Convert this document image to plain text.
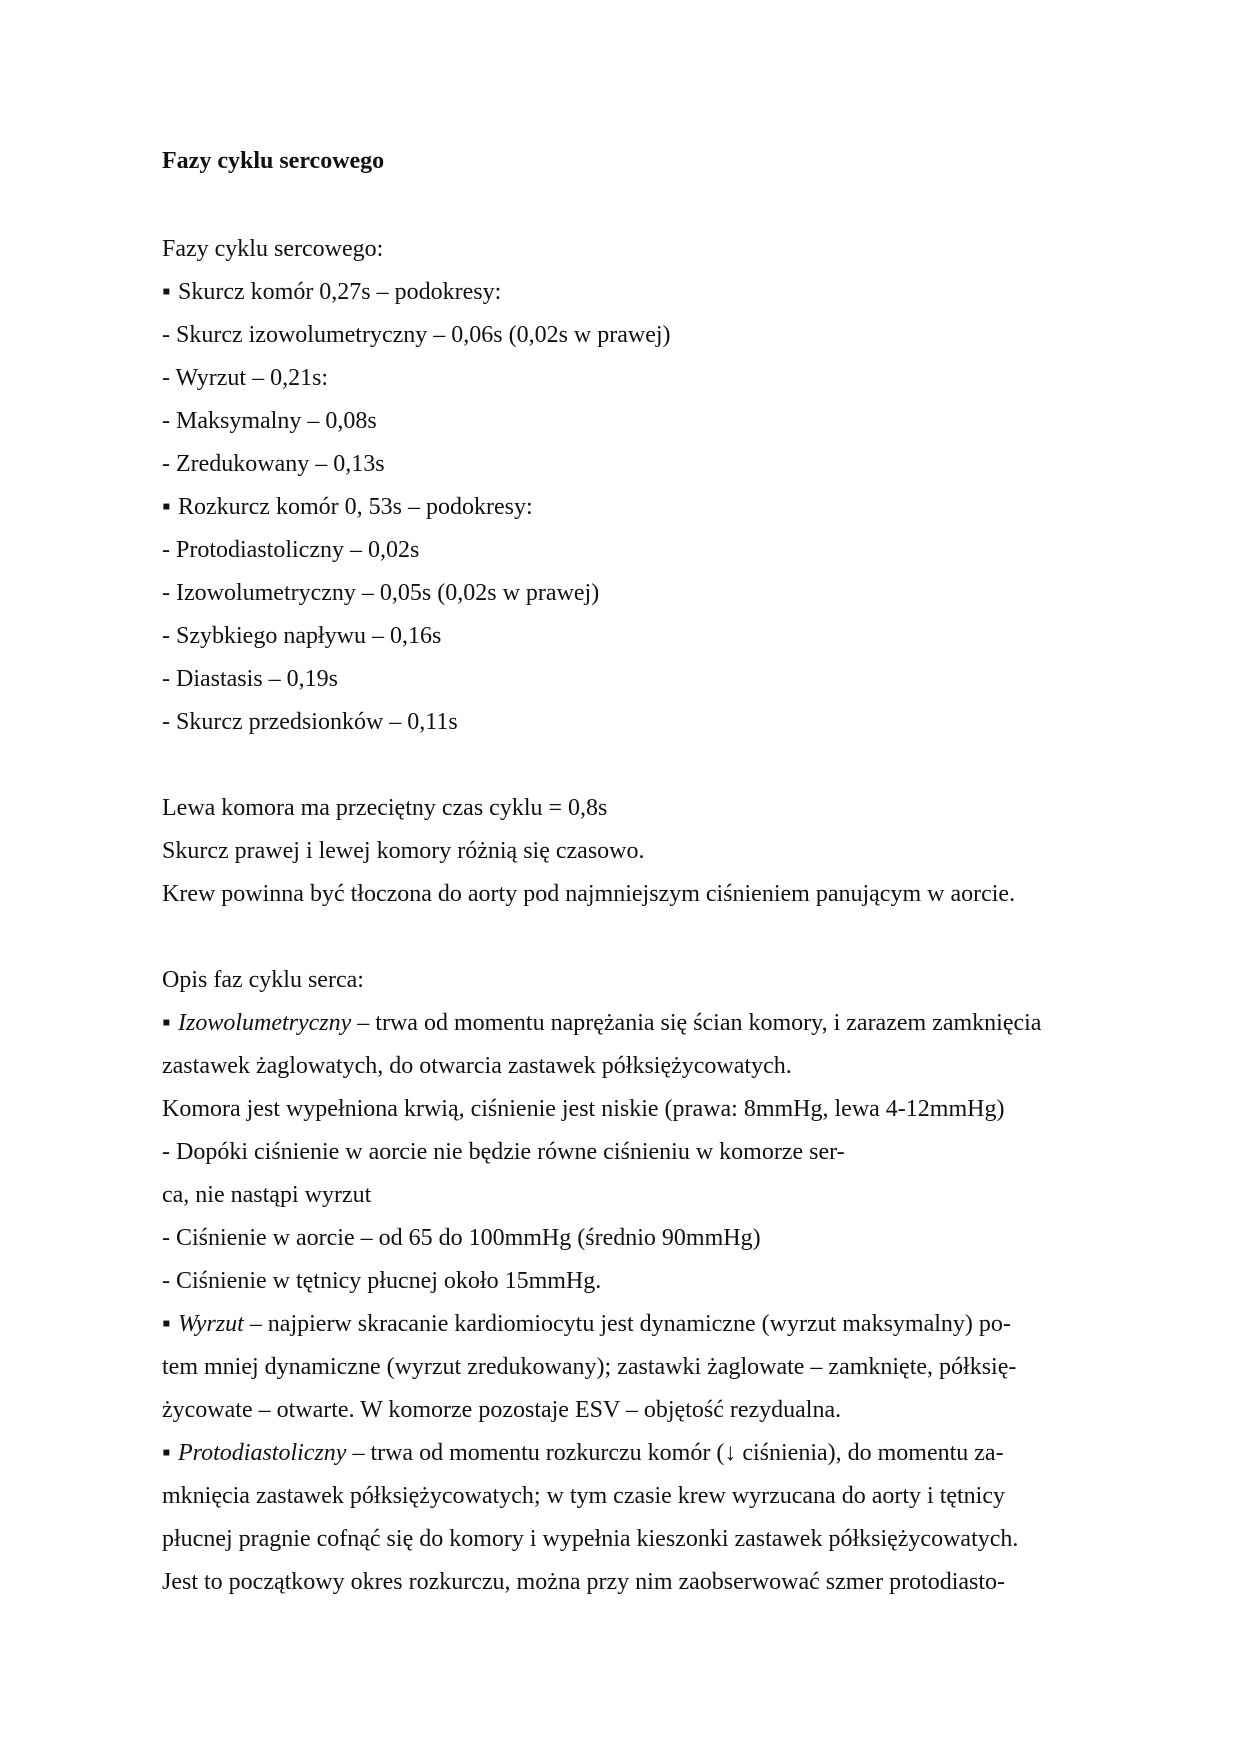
Fazy cyklu sercowego
Fazy cyklu sercowego:
▪ Skurcz komór 0,27s – podokresy:
- Skurcz izowolumetryczny – 0,06s (0,02s w prawej)
- Wyrzut – 0,21s:
- Maksymalny – 0,08s
- Zredukowany – 0,13s
▪ Rozkurcz komór 0, 53s – podokresy:
- Protodiastoliczny – 0,02s
- Izowolumetryczny – 0,05s (0,02s w prawej)
- Szybkiego napływu – 0,16s
- Diastasis – 0,19s
- Skurcz przedsionków – 0,11s
Lewa komora ma przeciętny czas cyklu = 0,8s
Skurcz prawej i lewej komory różnią się czasowo.
Krew powinna być tłoczona do aorty pod najmniejszym ciśnieniem panującym w aorcie.
Opis faz cyklu serca:
▪ Izowolumetryczny – trwa od momentu naprężania się ścian komory, i zarazem zamknięcia
zastawek żaglowatych, do otwarcia zastawek półksiężycowatych.
Komora jest wypełniona krwią, ciśnienie jest niskie (prawa: 8mmHg, lewa 4-12mmHg)
- Dopóki ciśnienie w aorcie nie będzie równe ciśnieniu w komorze ser-
ca, nie nastąpi wyrzut
- Ciśnienie w aorcie – od 65 do 100mmHg (średnio 90mmHg)
- Ciśnienie w tętnicy płucnej około 15mmHg.
▪ Wyrzut – najpierw skracanie kardiomiocytu jest dynamiczne (wyrzut maksymalny) po-
tem mniej dynamiczne (wyrzut zredukowany); zastawki żaglowate – zamknięte, półksię-
życowate – otwarte. W komorze pozostaje ESV – objętość rezydualna.
▪ Protodiastoliczny – trwa od momentu rozkurczu komór (↓ ciśnienia), do momentu za-
mknięcia zastawek półksiężycowatych; w tym czasie krew wyrzucana do aorty i tętnicy
płucnej pragnie cofnąć się do komory i wypełnia kieszonki zastawek półksiężycowatych.
Jest to początkowy okres rozkurczu, można przy nim zaobserwować szmer protodiasto-
